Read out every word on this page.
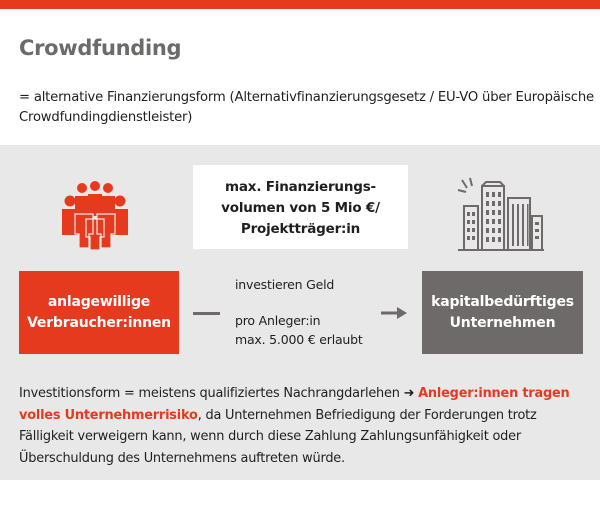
Crowdfunding
= alternative Finanzierungsform (Alternativfinanzierungsgesetz / EU-VO über Europäische Crowdfundingdienstleister)
max. Finanzierungs-
volumen von 5 Mio €/
Projektträger:in
anlagewillige
Verbraucher:innen
investieren Geld
pro Anleger:in
max. 5.000 € erlaubt
kapitalbedürftiges
Unternehmen
Investitionsform = meistens qualifiziertes Nachrangdarlehen ➜ Anleger:innen tragen volles Unternehmerrisiko, da Unternehmen Befriedigung der Forderungen trotz Fälligkeit verweigern kann, wenn durch diese Zahlung Zahlungsunfähigkeit oder Überschuldung des Unternehmens auftreten würde.
